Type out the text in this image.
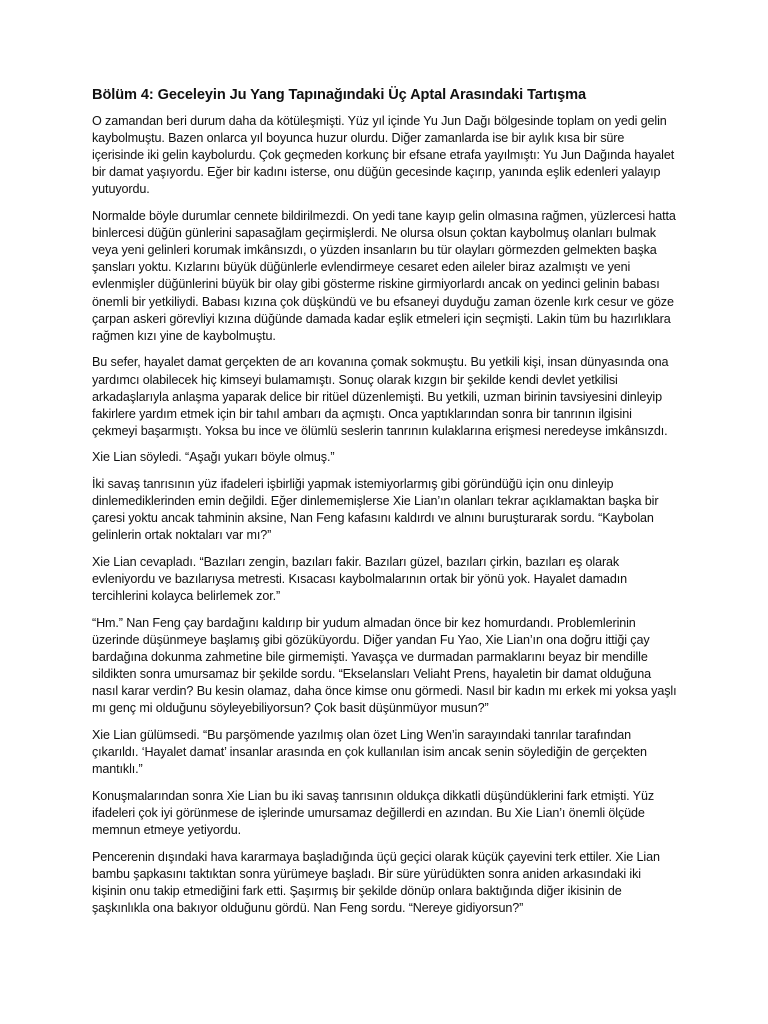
Bölüm 4: Geceleyin Ju Yang Tapınağındaki Üç Aptal Arasındaki Tartışma

O zamandan beri durum daha da kötüleşmişti. Yüz yıl içinde Yu Jun Dağı bölgesinde toplam on yedi gelin kaybolmuştu. Bazen onlarca yıl boyunca huzur olurdu. Diğer zamanlarda ise bir aylık kısa bir süre içerisinde iki gelin kaybolurdu. Çok geçmeden korkunç bir efsane etrafa yayılmıştı: Yu Jun Dağında hayalet bir damat yaşıyordu. Eğer bir kadını isterse, onu düğün gecesinde kaçırıp, yanında eşlik edenleri yalayıp yutuyordu.

Normalde böyle durumlar cennete bildirilmezdi. On yedi tane kayıp gelin olmasına rağmen, yüzlercesi hatta binlercesi düğün günlerini sapasağlam geçirmişlerdi. Ne olursa olsun çoktan kaybolmuş olanları bulmak veya yeni gelinleri korumak imkânsızdı, o yüzden insanların bu tür olayları görmezden gelmekten başka şansları yoktu. Kızlarını büyük düğünlerle evlendirmeye cesaret eden aileler biraz azalmıştı ve yeni evlenmişler düğünlerini büyük bir olay gibi gösterme riskine girmiyorlardı ancak on yedinci gelinin babası önemli bir yetkiliydi. Babası kızına çok düşkündü ve bu efsaneyi duyduğu zaman özenle kırk cesur ve göze çarpan askeri görevliyi kızına düğünde damada kadar eşlik etmeleri için seçmişti. Lakin tüm bu hazırlıklara rağmen kızı yine de kaybolmuştu.

Bu sefer, hayalet damat gerçekten de arı kovanına çomak sokmuştu. Bu yetkili kişi, insan dünyasında ona yardımcı olabilecek hiç kimseyi bulamamıştı. Sonuç olarak kızgın bir şekilde kendi devlet yetkilisi arkadaşlarıyla anlaşma yaparak delice bir ritüel düzenlemişti. Bu yetkili, uzman birinin tavsiyesini dinleyip fakirlere yardım etmek için bir tahıl ambarı da açmıştı. Onca yaptıklarından sonra bir tanrının ilgisini çekmeyi başarmıştı. Yoksa bu ince ve ölümlü seslerin tanrının kulaklarına erişmesi neredeyse imkânsızdı.

Xie Lian söyledi. “Aşağı yukarı böyle olmuş.”

İki savaş tanrısının yüz ifadeleri işbirliği yapmak istemiyorlarmış gibi göründüğü için onu dinleyip dinlemediklerinden emin değildi. Eğer dinlememişlerse Xie Lian’ın olanları tekrar açıklamaktan başka bir çaresi yoktu ancak tahminin aksine, Nan Feng kafasını kaldırdı ve alnını buruşturarak sordu. “Kaybolan gelinlerin ortak noktaları var mı?”

Xie Lian cevapladı. “Bazıları zengin, bazıları fakir. Bazıları güzel, bazıları çirkin, bazıları eş olarak evleniyordu ve bazılarıysa metresti. Kısacası kaybolmalarının ortak bir yönü yok. Hayalet damadın tercihlerini kolayca belirlemek zor.”

“Hm.” Nan Feng çay bardağını kaldırıp bir yudum almadan önce bir kez homurdandı. Problemlerinin üzerinde düşünmeye başlamış gibi gözüküyordu. Diğer yandan Fu Yao, Xie Lian’ın ona doğru ittiği çay bardağına dokunma zahmetine bile girmemişti. Yavaşça ve durmadan parmaklarını beyaz bir mendille sildikten sonra umursamaz bir şekilde sordu. “Ekselansları Veliaht Prens, hayaletin bir damat olduğuna nasıl karar verdin? Bu kesin olamaz, daha önce kimse onu görmedi. Nasıl bir kadın mı erkek mi yoksa yaşlı mı genç mi olduğunu söyleyebiliyorsun? Çok basit düşünmüyor musun?”

Xie Lian gülümsedi. “Bu parşömende yazılmış olan özet Ling Wen’in sarayındaki tanrılar tarafından çıkarıldı. ‘Hayalet damat’ insanlar arasında en çok kullanılan isim ancak senin söylediğin de gerçekten mantıklı.”

Konuşmalarından sonra Xie Lian bu iki savaş tanrısının oldukça dikkatli düşündüklerini fark etmişti. Yüz ifadeleri çok iyi görünmese de işlerinde umursamaz değillerdi en azından. Bu Xie Lian’ı önemli ölçüde memnun etmeye yetiyordu.

Pencerenin dışındaki hava kararmaya başladığında üçü geçici olarak küçük çayevini terk ettiler. Xie Lian bambu şapkasını taktıktan sonra yürümeye başladı. Bir süre yürüdükten sonra aniden arkasındaki iki kişinin onu takip etmediğini fark etti. Şaşırmış bir şekilde dönüp onlara baktığında diğer ikisinin de şaşkınlıkla ona bakıyor olduğunu gördü. Nan Feng sordu. “Nereye gidiyorsun?”
